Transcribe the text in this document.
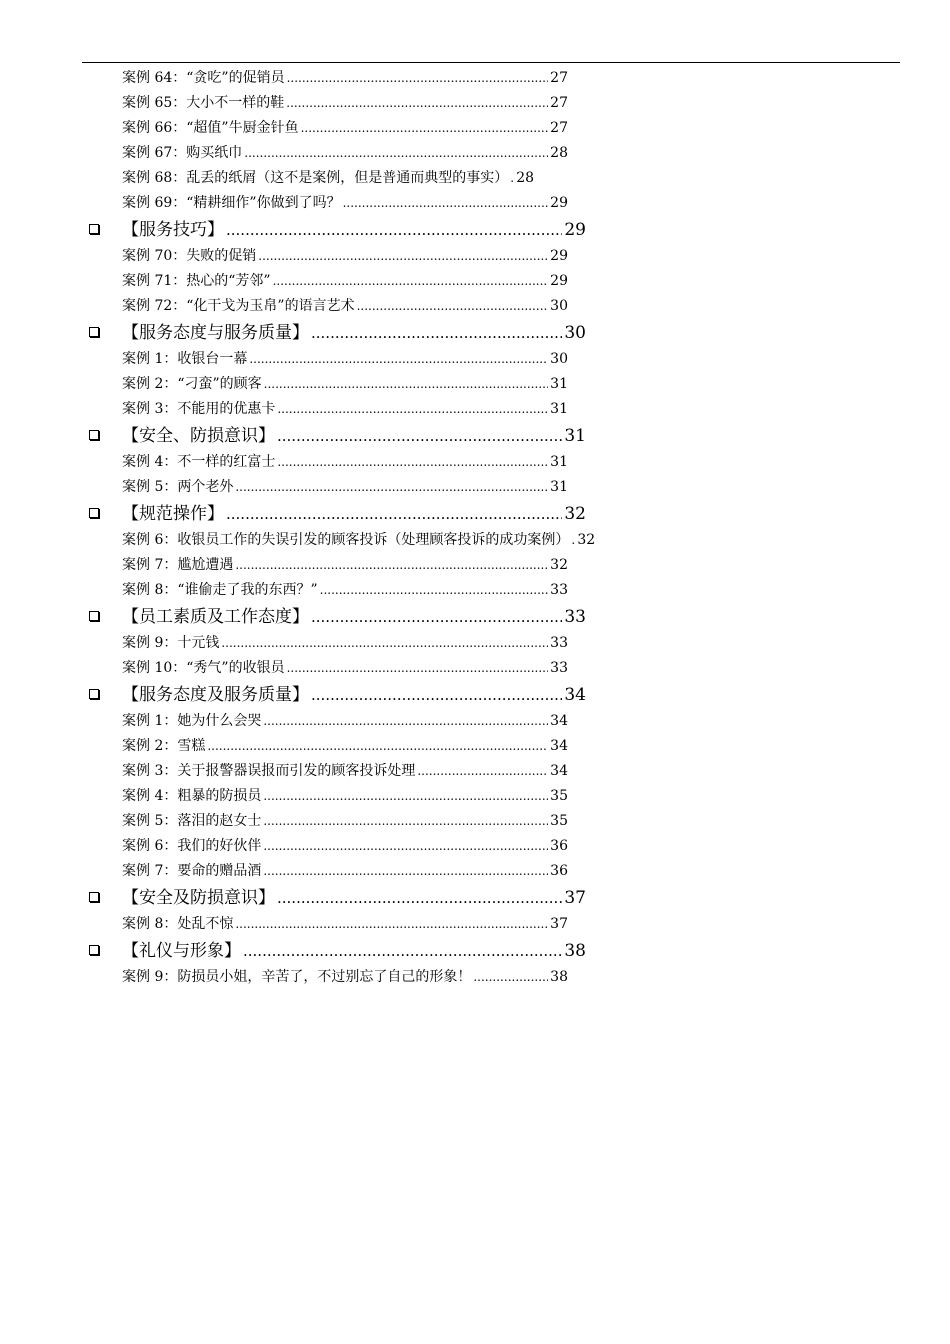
案例 64：“贪吃”的促销员 .....	27
案例 65：大小不一样的鞋 .....	27
案例 66：“超值”牛厨金针鱼 .....	27
案例 67：购买纸巾 .....	28
案例 68：乱丢的纸屑（这不是案例，但是普通而典型的事实） ..... 28
案例 69：“精耕细作”你做到了吗？ .....	29
【服务技巧】 .....	29
案例 70：失败的促销 .....	29
案例 71：热心的“芳邻” .....	29
案例 72：“化干戈为玉帛”的语言艺术 .....	30
【服务态度与服务质量】 .....	30
案例 1：收银台一幕 .....	30
案例 2：“刁蛮”的顾客 .....	31
案例 3：不能用的优惠卡 .....	31
【安全、防损意识】 .....	31
案例 4：不一样的红富士 .....	31
案例 5：两个老外 .....	31
【规范操作】 .....	32
案例 6：收银员工作的失误引发的顾客投诉（处理顾客投诉的成功案例） ..... 32
案例 7：尴尬遭遇 .....	32
案例 8：“谁偷走了我的东西？” .....	33
【员工素质及工作态度】 .....	33
案例 9：十元钱 .....	33
案例 10：“秀气”的收银员 .....	33
【服务态度及服务质量】 .....	34
案例 1：她为什么会哭 .....	34
案例 2：雪糕 .....	34
案例 3：关于报警器误报而引发的顾客投诉处理 .....	34
案例 4：粗暴的防损员 .....	35
案例 5：落泪的赵女士 .....	35
案例 6：我们的好伙伴 .....	36
案例 7：要命的赠品酒 .....	36
【安全及防损意识】 .....	37
案例 8：处乱不惊 .....	37
【礼仪与形象】 .....	38
案例 9：防损员小姐，辛苦了，不过别忘了自己的形象！ .....	38
